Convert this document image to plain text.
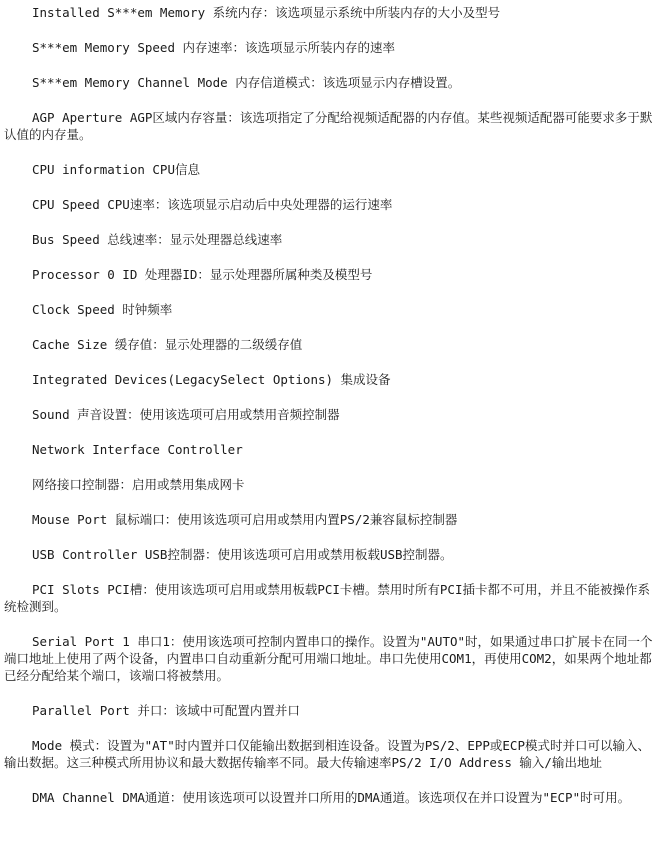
Installed S***em Memory 系统内存：该选项显示系统中所装内存的大小及型号

S***em Memory Speed 内存速率：该选项显示所装内存的速率

S***em Memory Channel Mode 内存信道模式：该选项显示内存槽设置。

AGP Aperture AGP区域内存容量：该选项指定了分配给视频适配器的内存值。某些视频适配器可能要求多于默认值的内存量。

CPU information CPU信息

CPU Speed CPU速率：该选项显示启动后中央处理器的运行速率

Bus Speed 总线速率：显示处理器总线速率

Processor 0 ID 处理器ID：显示处理器所属种类及模型号

Clock Speed 时钟频率

Cache Size 缓存值：显示处理器的二级缓存值

Integrated Devices(LegacySelect Options) 集成设备

Sound 声音设置：使用该选项可启用或禁用音频控制器

Network Interface Controller

网络接口控制器：启用或禁用集成网卡

Mouse Port 鼠标端口：使用该选项可启用或禁用内置PS/2兼容鼠标控制器

USB Controller USB控制器：使用该选项可启用或禁用板载USB控制器。

PCI Slots PCI槽：使用该选项可启用或禁用板载PCI卡槽。禁用时所有PCI插卡都不可用，并且不能被操作系统检测到。

Serial Port 1 串口1：使用该选项可控制内置串口的操作。设置为"AUTO"时，如果通过串口扩展卡在同一个端口地址上使用了两个设备，内置串口自动重新分配可用端口地址。串口先使用COM1，再使用COM2，如果两个地址都已经分配给某个端口，该端口将被禁用。

Parallel Port 并口：该域中可配置内置并口

Mode 模式：设置为"AT"时内置并口仅能输出数据到相连设备。设置为PS/2、EPP或ECP模式时并口可以输入、输出数据。这三种模式所用协议和最大数据传输率不同。最大传输速率PS/2 I/O Address 输入/输出地址

DMA Channel DMA通道：使用该选项可以设置并口所用的DMA通道。该选项仅在并口设置为"ECP"时可用。
